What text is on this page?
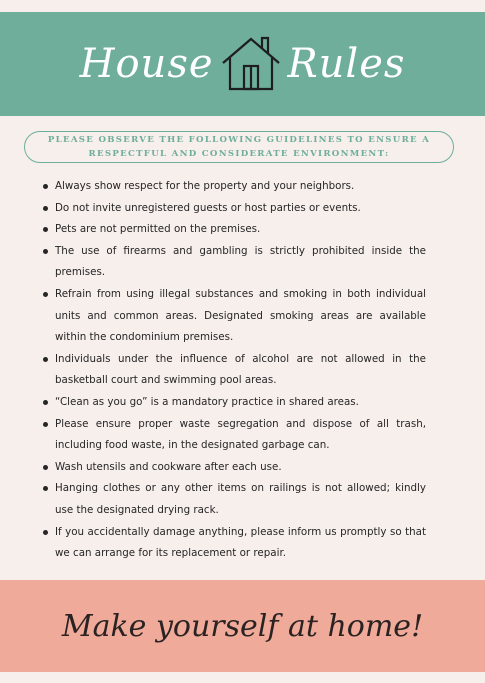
House Rules
PLEASE OBSERVE THE FOLLOWING GUIDELINES TO ENSURE A
RESPECTFUL AND CONSIDERATE ENVIRONMENT:
Always show respect for the property and your neighbors.
Do not invite unregistered guests or host parties or events.
Pets are not permitted on the premises.
The use of firearms and gambling is strictly prohibited inside the premises.
Refrain from using illegal substances and smoking in both individual units and common areas. Designated smoking areas are available within the condominium premises.
Individuals under the influence of alcohol are not allowed in the basketball court and swimming pool areas.
“Clean as you go” is a mandatory practice in shared areas.
Please ensure proper waste segregation and dispose of all trash, including food waste, in the designated garbage can.
Wash utensils and cookware after each use.
Hanging clothes or any other items on railings is not allowed; kindly use the designated drying rack.
If you accidentally damage anything, please inform us promptly so that we can arrange for its replacement or repair.
Make yourself at home!
